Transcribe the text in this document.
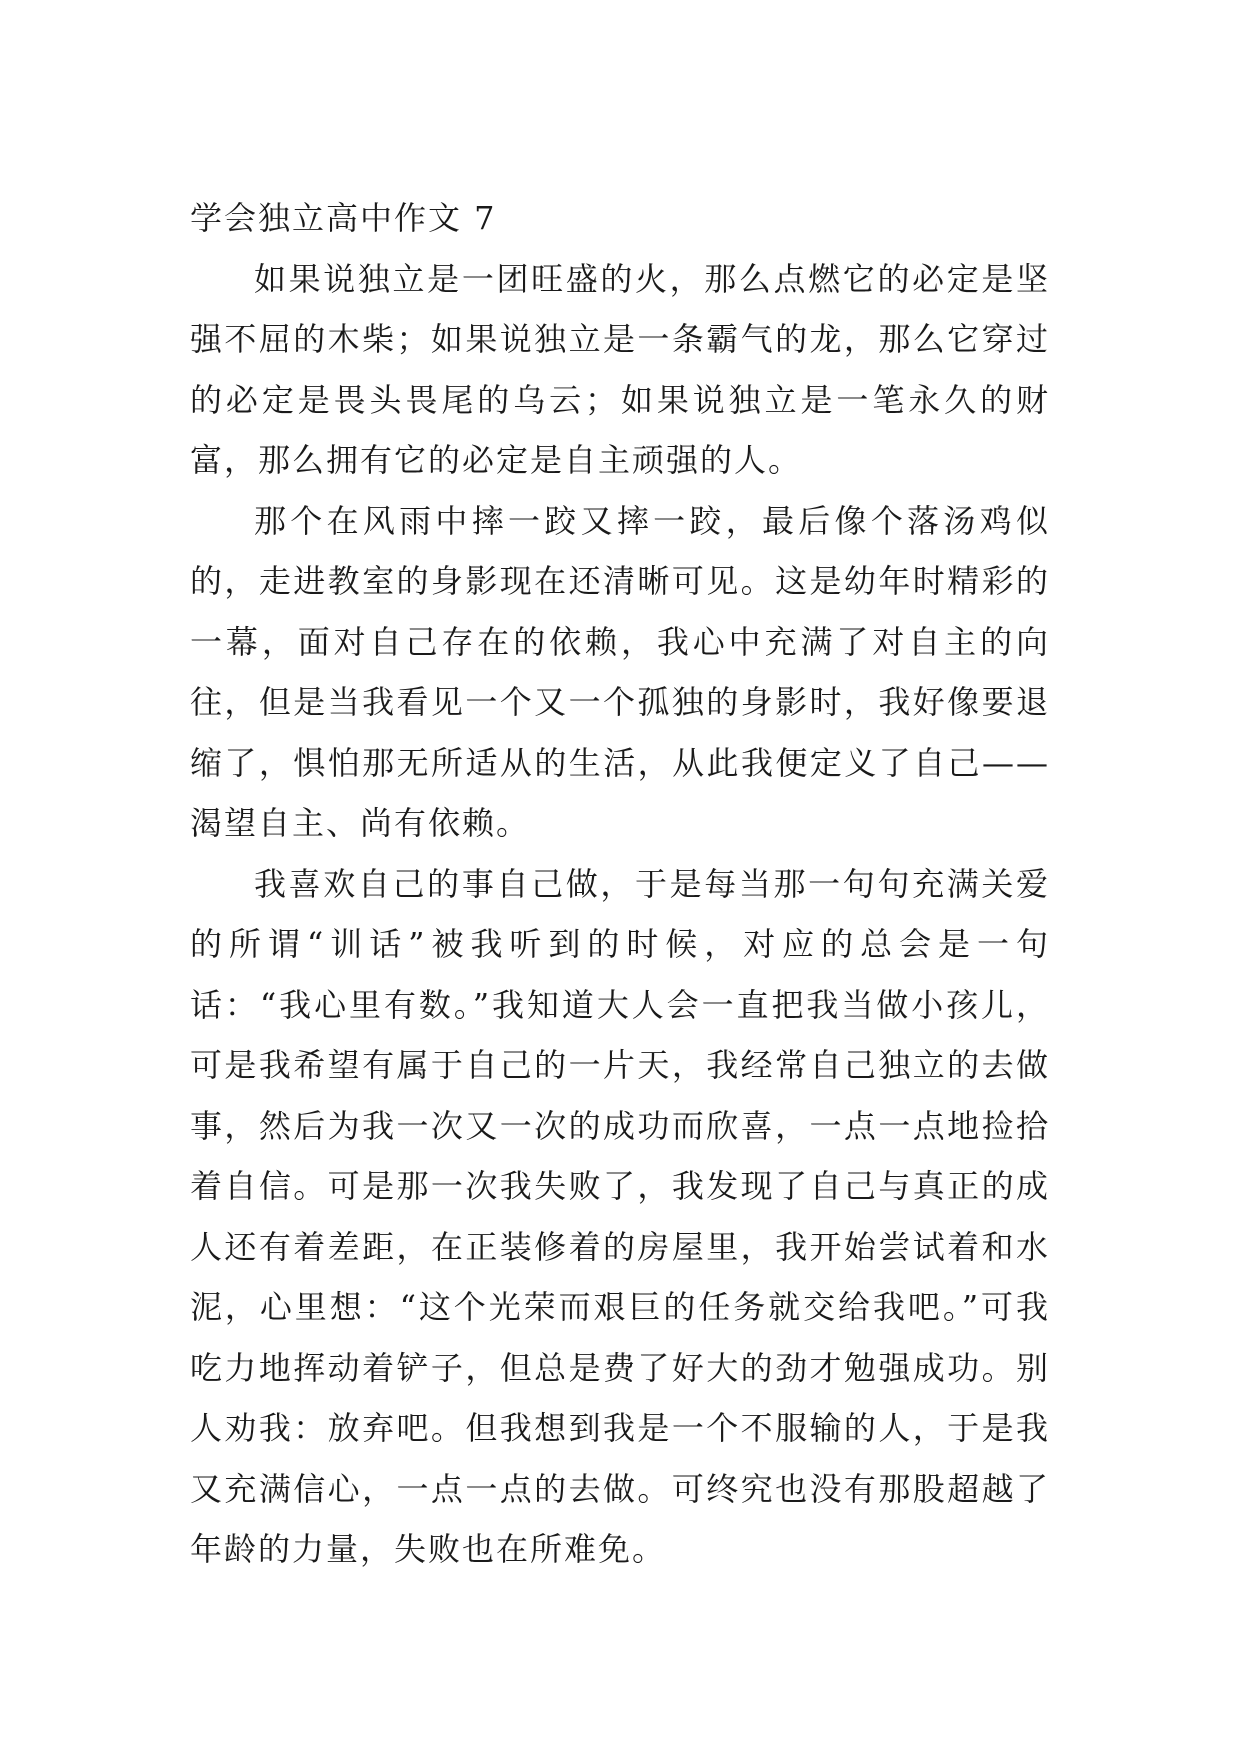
学会独立高中作文 7

如果说独立是一团旺盛的火，那么点燃它的必定是坚强不屈的木柴；如果说独立是一条霸气的龙，那么它穿过的必定是畏头畏尾的乌云；如果说独立是一笔永久的财富，那么拥有它的必定是自主顽强的人。

那个在风雨中摔一跤又摔一跤，最后像个落汤鸡似的，走进教室的身影现在还清晰可见。这是幼年时精彩的一幕，面对自己存在的依赖，我心中充满了对自主的向往，但是当我看见一个又一个孤独的身影时，我好像要退缩了，惧怕那无所适从的生活，从此我便定义了自己——渴望自主、尚有依赖。

我喜欢自己的事自己做，于是每当那一句句充满关爱的所谓“训话”被我听到的时候，对应的总会是一句话：“我心里有数。”我知道大人会一直把我当做小孩儿，可是我希望有属于自己的一片天，我经常自己独立的去做事，然后为我一次又一次的成功而欣喜，一点一点地捡拾着自信。可是那一次我失败了，我发现了自己与真正的成人还有着差距，在正装修着的房屋里，我开始尝试着和水泥，心里想：“这个光荣而艰巨的任务就交给我吧。”可我吃力地挥动着铲子，但总是费了好大的劲才勉强成功。别人劝我：放弃吧。但我想到我是一个不服输的人，于是我又充满信心，一点一点的去做。可终究也没有那股超越了年龄的力量，失败也在所难免。
